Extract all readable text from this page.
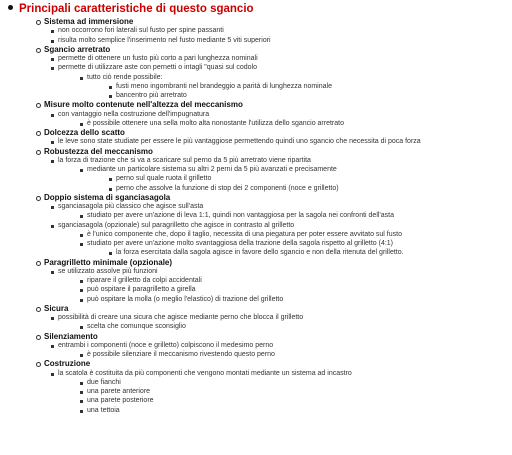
Principali caratteristiche di questo sgancio
Sistema ad immersione
non occorrono fori laterali sul fusto per spine passanti
risulta molto semplice l'inserimento nel fusto mediante 5 viti superiori
Sgancio arretrato
permette di ottenere un fusto più corto a pari lunghezza nominali
permette di utilizzare aste con pernetti o intagli "quasi sul codolo
tutto ciò rende possibile:
fusti meno ingombranti nel brandeggio a parità di lunghezza nominale
bancentro più arretrato
Misure molto contenute nell'altezza del meccanismo
con vantaggio nella costruzione dell'impugnatura
è possibile ottenere una sella molto alta nonostante l'utilizza dello sgancio arretrato
Dolcezza dello scatto
le leve sono state studiate per essere le più vantaggiose permettendo quindi uno sgancio che necessita di poca forza
Robustezza del meccanismo
la forza di trazione che si va a scaricare sul perno da 5 più arretrato viene ripartita
mediante un particolare sistema su altri 2 perni da 5 più avanzati e precisamente
perno sul quale ruota il grilletto
perno che assolve la funzione di stop dei 2 componenti (noce e grilletto)
Doppio sistema di sganciasagola
sganciasagola più classico che agisce sull'asta
studiato per avere un'azione di leva 1:1, quindi non vantaggiosa per la sagola nei confronti dell'asta
sganciasagola (opzionale) sul paragrilletto che agisce in contrasto al grilletto
è l'unico componente che, dopo il taglio, necessita di una piegatura per poter essere avvitato sul fusto
studiato per avere un'azione molto svantaggiosa della trazione della sagola rispetto al grilletto (4:1)
la forza esercitata dalla sagola agisce in favore dello sgancio e non della ritenuta del grilletto.
Paragrilletto minimale (opzionale)
se utilizzato assolve più funzioni
riparare il grilletto da colpi accidentali
può ospitare il paragrilletto a girella
può ospitare la molla (o meglio l'elastico) di trazione del grilletto
Sicura
possibilità di creare una sicura che agisce mediante perno che blocca il grilletto
scelta che comunque sconsiglio
Silenziamento
entrambi i componenti (noce e grilletto) colpiscono il medesimo perno
è possibile silenziare il meccanismo rivestendo questo perno
Costruzione
la scatola è costituita da più componenti che vengono montati mediante un sistema ad incastro
due fianchi
una parete anteriore
una parete posteriore
una tettoia
